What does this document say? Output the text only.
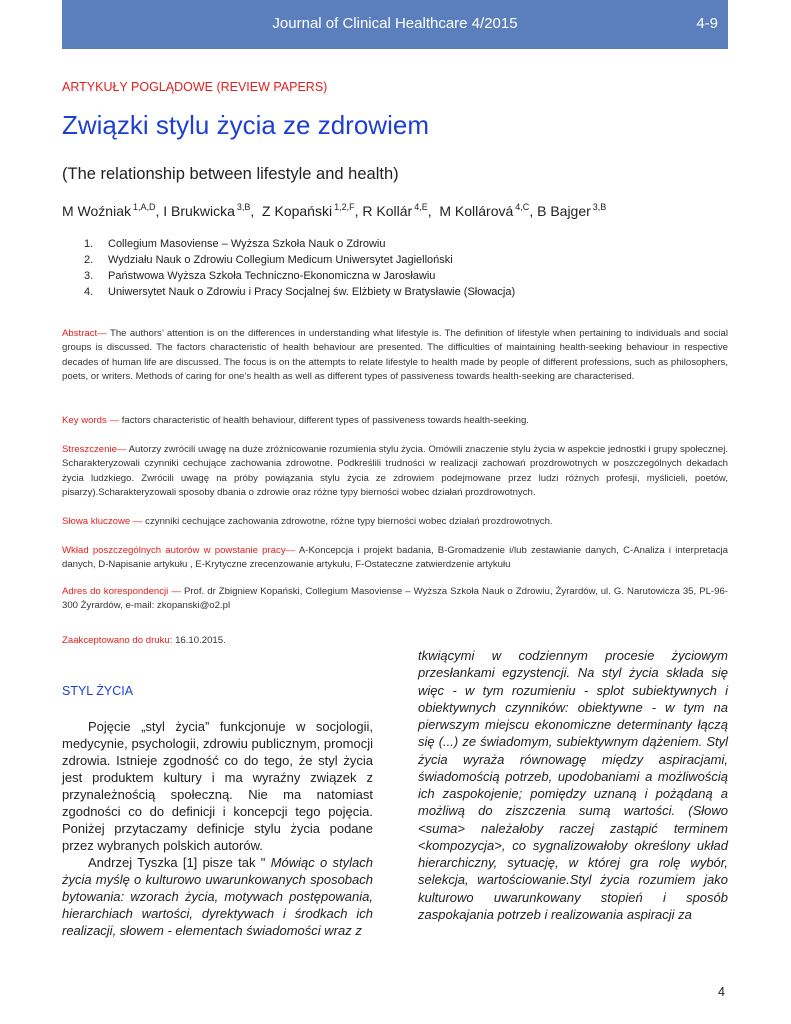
Journal of Clinical Healthcare 4/2015	4-9
ARTYKUŁY POGLĄDOWE (REVIEW PAPERS)
Związki stylu życia ze zdrowiem
(The relationship between lifestyle and health)
M Woźniak $^{1,A,D}$, I Brukwicka $^{3,B}$,  Z Kopański $^{1,2,F}$, R Kollár $^{4,E}$,  M Kollárová $^{4,C}$, B Bajger $^{3,B}$
1.	Collegium Masoviense – Wyższa Szkoła Nauk o Zdrowiu
2.	Wydziału Nauk o Zdrowiu Collegium Medicum Uniwersytet Jagielloński
3.	Państwowa Wyższa Szkoła Techniczno-Ekonomiczna w Jarosławiu
4.	Uniwersytet Nauk o Zdrowiu i Pracy Socjalnej św. Elżbiety w Bratysławie (Słowacja)
Abstract— The authors’ attention is on the differences in understanding what lifestyle is. The definition of lifestyle when pertaining to individuals and social groups is discussed. The factors characteristic of health behaviour are presented. The difficulties of maintaining health-seeking behaviour in respective decades of human life are discussed. The focus is on the attempts to relate lifestyle to health made by people of different professions, such as philosophers, poets, or writers. Methods of caring for one’s health as well as different types of passiveness towards health-seeking are characterised.
Key words — factors characteristic of health behaviour, different types of passiveness towards health-seeking.
Streszczenie— Autorzy zwrócili uwagę na duże zróżnicowanie rozumienia stylu życia. Omówili znaczenie stylu życia w aspekcie jednostki i grupy społecznej. Scharakteryzowali czynniki cechujące zachowania zdrowotne. Podkreślili trudności w realizacji zachowań prozdrowotnych w poszczególnych dekadach życia ludzkiego. Zwrócili uwagę na próby powiązania stylu życia ze zdrowiem podejmowane przez ludzi różnych profesji, myślicieli, poetów, pisarzy).Scharakteryzowali sposoby dbania o zdrowie oraz różne typy bierności wobec działań prozdrowotnych.
Słowa kluczowe — czynniki cechujące zachowania zdrowotne, różne typy bierności wobec działań prozdrowotnych.
Wkład poszczególnych autorów w powstanie pracy— A-Koncepcja i projekt badania, B-Gromadzenie i/lub zestawianie danych, C-Analiza i interpretacja danych, D-Napisanie artykułu , E-Krytyczne zrecenzowanie artykułu, F-Ostateczne zatwierdzenie artykułu
Adres do korespondencji — Prof. dr Zbigniew Kopański, Collegium Masoviense – Wyższa Szkoła Nauk o Zdrowiu, Żyrardów, ul. G. Narutowicza 35, PL-96-300 Żyrardów, e-mail: zkopanski@o2.pl
Zaakceptowano do druku: 16.10.2015.
STYL ŻYCIA

Pojęcie „styl życia” funkcjonuje w socjologii, medycynie, psychologii, zdrowiu publicznym, promocji zdrowia. Istnieje zgodność co do tego, że styl życia jest produktem kultury i ma wyraźny związek z przynależnością społeczną. Nie ma natomiast zgodności co do definicji i koncepcji tego pojęcia. Poniżej przytaczamy definicje stylu życia podane przez wybranych polskich autorów.

Andrzej Tyszka [1] pisze tak " Mówiąc o stylach życia myślę o kulturowo uwarunkowanych sposobach bytowania: wzorach życia, motywach postępowania, hierarchiach wartości, dyrektywach i środkach ich realizacji, słowem - elementach świadomości wraz z

tkwiącymi w codziennym procesie życiowym przesłankami egzystencji. Na styl życia składa się więc - w tym rozumieniu - splot subiektywnych i obiektywnych czynników: obiektywne - w tym na pierwszym miejscu ekonomiczne determinanty łączą się (...) ze świadomym, subiektywnym dążeniem. Styl życia wyraża równowagę między aspiracjami, świadomością potrzeb, upodobaniami a możliwością ich zaspokojenie; pomiędzy uznaną i pożądaną a możliwą do ziszczenia sumą wartości. (Słowo <suma> należałoby raczej zastąpić terminem <kompozycja>, co sygnalizowałoby określony układ hierarchiczny, sytuację, w której gra rolę wybór, selekcja, wartościowanie.Styl życia rozumiem jako kulturowo uwarunkowany stopień i sposób zaspokajania potrzeb i realizowania aspiracji za
4
